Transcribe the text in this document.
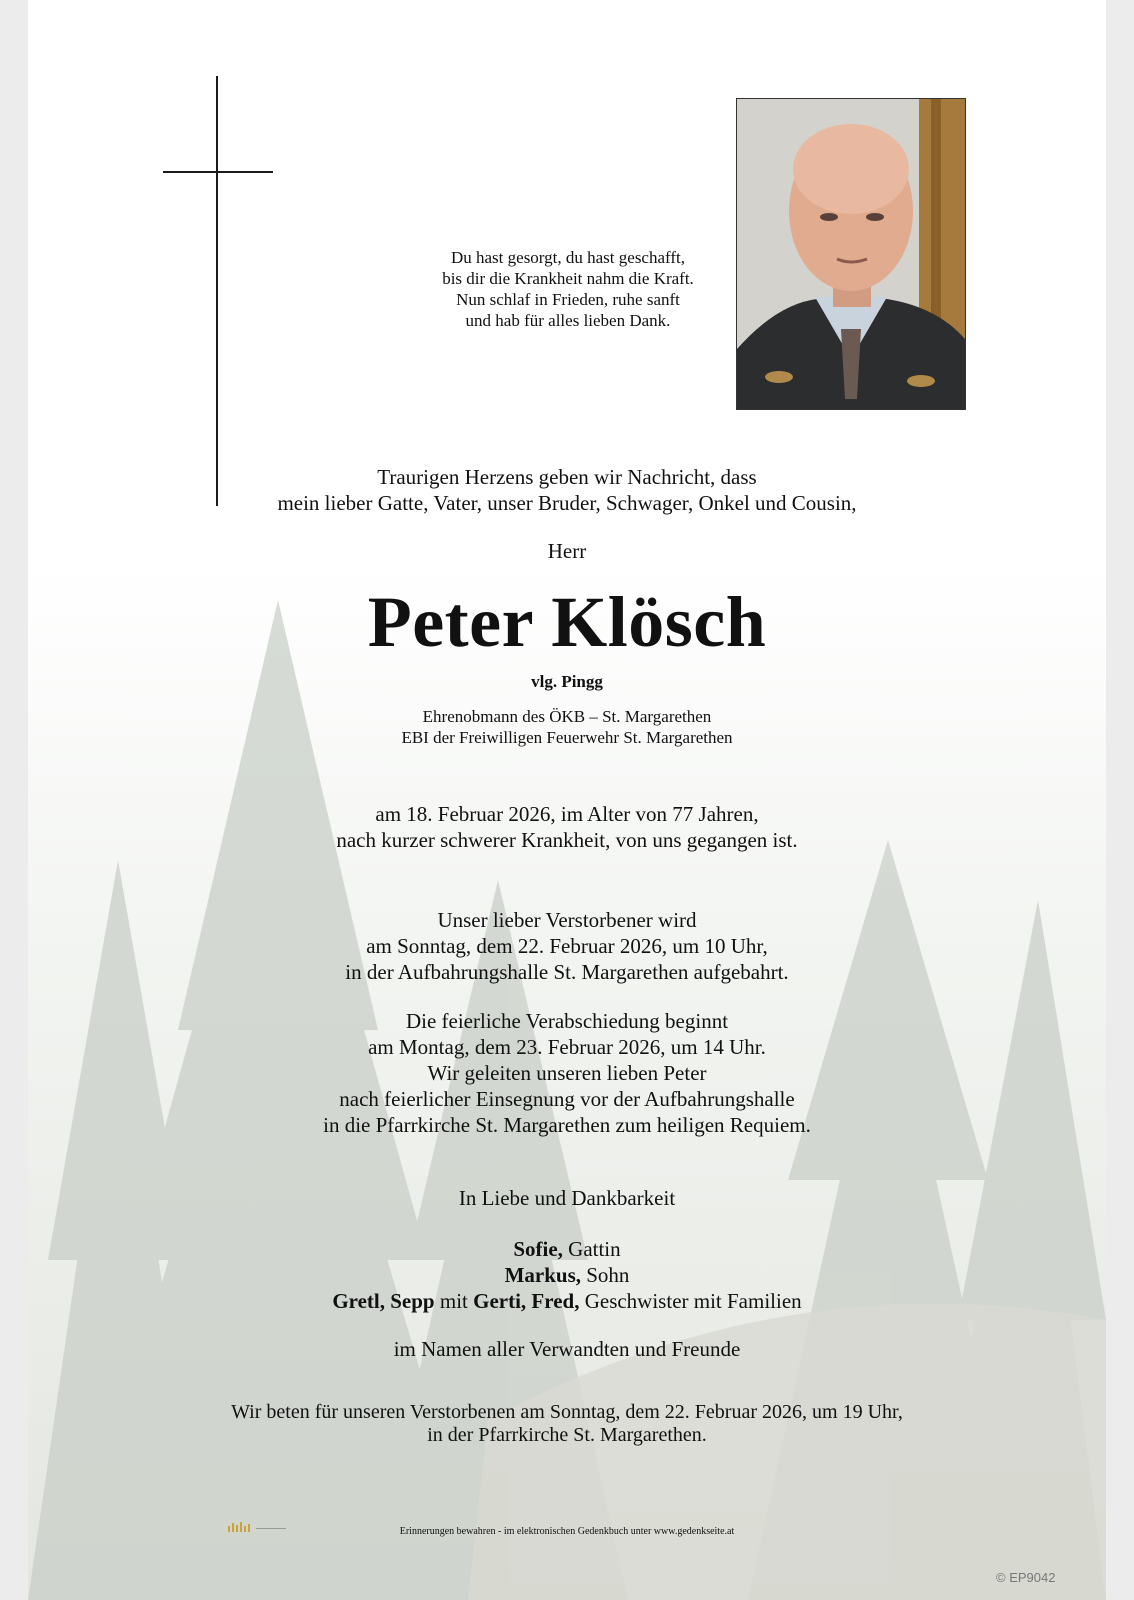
Du hast gesorgt, du hast geschafft,
bis dir die Krankheit nahm die Kraft.
Nun schlaf in Frieden, ruhe sanft
und hab für alles lieben Dank.
Traurigen Herzens geben wir Nachricht, dass
mein lieber Gatte, Vater, unser Bruder, Schwager, Onkel und Cousin,
Herr
Peter Klösch
vlg. Pingg
Ehrenobmann des ÖKB – St. Margarethen
EBI der Freiwilligen Feuerwehr St. Margarethen
am 18. Februar 2026, im Alter von 77 Jahren,
nach kurzer schwerer Krankheit, von uns gegangen ist.
Unser lieber Verstorbener wird
am Sonntag, dem 22. Februar 2026, um 10 Uhr,
in der Aufbahrungshalle St. Margarethen aufgebahrt.
Die feierliche Verabschiedung beginnt
am Montag, dem 23. Februar 2026, um 14 Uhr.
Wir geleiten unseren lieben Peter
nach feierlicher Einsegnung vor der Aufbahrungshalle
in die Pfarrkirche St. Margarethen zum heiligen Requiem.
In Liebe und Dankbarkeit
Sofie, Gattin
Markus, Sohn
Gretl, Sepp mit Gerti, Fred, Geschwister mit Familien
im Namen aller Verwandten und Freunde
Wir beten für unseren Verstorbenen am Sonntag, dem 22. Februar 2026, um 19 Uhr,
in der Pfarrkirche St. Margarethen.
Erinnerungen bewahren - im elektronischen Gedenkbuch unter www.gedenkseite.at
© EP9042
